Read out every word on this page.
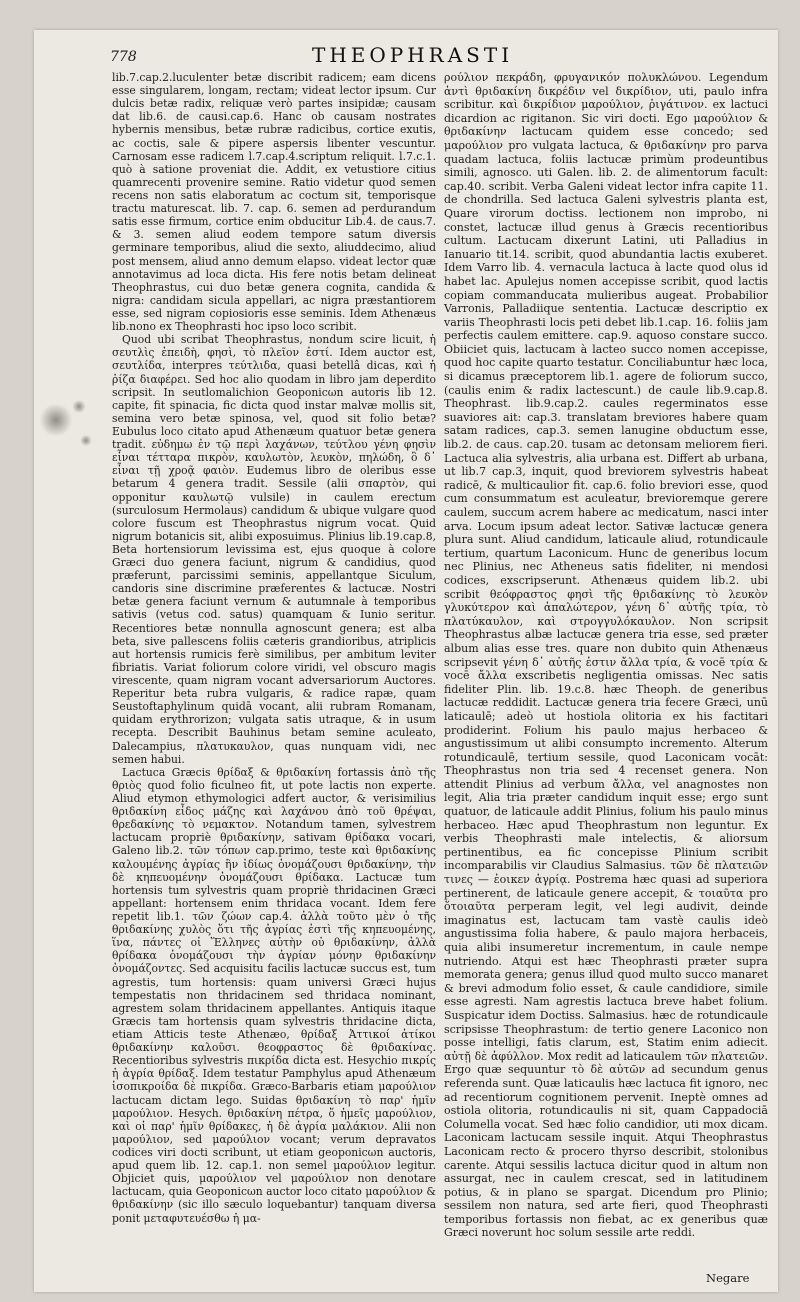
778	THEOPHRASTI

lib.7.cap.2.luculenter betæ discribit radicem; eam dicens esse singularem, longam, rectam; videat lector ipsum. Cur dulcis betæ radix, reliquæ verò partes insipidæ; causam dat lib.6. de causi.cap.6. Hanc ob causam nostrates hybernis mensibus, betæ rubræ radicibus, cortice exutis, ac coctis, sale & pipere aspersis libenter vescuntur. Carnosam esse radicem l.7.cap.4.scriptum reliquit. l.7.c.1. quò à satione proveniat die. Addit, ex vetustiore citius quamrecenti provenire semine. Ratio videtur quod semen recens non satis elaboratum ac coctum sit, temporisque tractu maturescat. lib. 7. cap. 6. semen ad perdurandum satis esse firmum, cortice enim obducitur Lib.4. de caus.7. & 3. semen aliud eodem tempore satum diversis germinare temporibus, aliud die sexto, aliuddecimo, aliud post mensem, aliud anno demum elapso. videat lector quæ annotavimus ad loca dicta. His fere notis betam delineat Theophrastus, cui duo betæ genera cognita, candida & nigra: candidam sicula appellari, ac nigra præstantiorem esse, sed nigram copiosioris esse seminis. Idem Athenæus lib.nono ex Theophrasti hoc ipso loco scribit.

Quod ubi scribat Theophrastus, nondum scire licuit, ἡ σευτλὶς ἐπειδὴ, φησὶ, τὸ πλεῖον ἐστί. Idem auctor est, σευτλίδα, interpres τεύτλιδα, quasi betellâ dicas, καὶ ἡ ῥίζα διαφέρει. Sed hoc alio quodam in libro jam deperdito scripsit. In seutlomalichion Geoponicωn autoris lib 12. capite, fit spinacia, fic dicta quod instar malvæ mollis sit, semina vero betæ spinosa, vel, quod sit folio betæ? Eubulus loco citato apud Athenæum quatuor betæ genera tradit. εὐδημω ἐν τῷ περὶ λαχάνων, τεύτλου γένη φησὶν εἶναι τέτταρα πικρὸν, καυλωτὸν, λευκὸν, πηλώδη, ὃ δ᾽ εἶναι τῇ χροᾷ φαιὸν. Eudemus libro de oleribus esse betarum 4 genera tradit. Sessile (alii σπαρτὸν, qui opponitur καυλωτῷ vulsile) in caulem erectum (surculosum Hermolaus) candidum & ubique vulgare quod colore fuscum est Theophrastus nigrum vocat. Quid nigrum botanicis sit, alibi exposuimus. Plinius lib.19.cap.8, Beta hortensiorum levissima est, ejus quoque à colore Græci duo genera faciunt, nigrum & candidius, quod præferunt, parcissimi seminis, appellantque Siculum, candoris sine discrimine præferentes & lactucæ. Nostri betæ genera faciunt vernum & autumnale à temporibus sativis (vetus cod. satus) quamquam & Iunio seritur. Recentiores betæ nonnulla agnoscunt genera; est alba beta, sive pallescens foliis cæteris grandioribus, atriplicis aut hortensis rumicis ferè similibus, per ambitum leviter fibriatis. Variat foliorum colore viridi, vel obscuro magis virescente, quam nigram vocant adversariorum Auctores. Reperitur beta rubra vulgaris, & radice rapæ, quam Seustoftaphylinum quidā vocant, alii rubram Romanam, quidam erythrorizon; vulgata satis utraque, & in usum recepta. Describit Bauhinus betam semine aculeato, Dalecampius, πλατυκαυλον, quas nunquam vidi, nec semen habui.

Lactuca Græcis θρίδαξ & θριδακίνη fortassis ἀπὸ τῆς θριὸς quod folio ficulneo fit, ut pote lactis non experte. Aliud etymon ethymologici adfert auctor, & verisimilius θριδακίνη εἶδος μάζης καὶ λαχάνου ἀπὸ τοῦ θρέψαι, θρεδακίνης τὸ νεμακτον. Notandum tamen, sylvestrem lactucam propriè θριδακίνην, sativam θρίδακα vocari, Galeno lib.2. τῶν τόπων cap.primo, teste καὶ θριδακίνης καλουμένης ἀγρίας ἣν ἰδίως ὀνομάζουσι θριδακίνην, τὴν δὲ κηπευομένην ὀνομάζουσι θρίδακα. Lactucæ tum hortensis tum sylvestris quam propriè thridacinen Græci appellant: hortensem enim thridaca vocant. Idem fere repetit lib.1. τῶν ζώων cap.4. ἀλλὰ τοῦτο μὲν ὁ τῆς θριδακίνης χυλὸς ὅτι τῆς ἀγρίας ἐστὶ τῆς κηπευομένης, ἵνα, πάντες οἱ Ἕλληνες αὐτὴν οὐ θριδακίνην, ἀλλὰ θρίδακα ὀνομάζουσι τὴν ἀγρίαν μόνην θριδακίνην ὀνομάζοντες. Sed acquisitu facilis lactucæ succus est, tum agrestis, tum hortensis: quam universi Græci hujus tempestatis non thridacinem sed thridaca nominant, agrestem solam thridacinem appellantes. Antiquis itaque Græcis tam hortensis quam sylvestris thridacine dicta, etiam Atticis teste Athenæo, θρίδαξ Ἀττικοί ἀτίκοι θριδακίνην καλοῦσι. θεοφραστος δὲ θριδακίνας. Recentioribus sylvestris πικρίδα dicta est. Hesychio πικρίς ἡ ἀγρία θρίδαξ. Idem testatur Pamphylus apud Athenæum ἰσοπικροίδα δὲ πικρίδα. Græco-Barbaris etiam μαρούλιον lactucam dictam lego. Suidas θριδακίνη τὸ παρ' ἡμῖν μαρούλιον. Hesych. θριδακίνη πέτρα, ὅ ἡμεῖς μαρούλιον, καὶ οἱ παρ' ἡμῖν θρίδακες, ἡ δὲ ἀγρία μαλάκιον. Alii non μαρούλιον, sed μαρούλιον vocant; verum depravatos codices viri docti scribunt, ut etiam geoponicωn auctoris, apud quem lib. 12. cap.1. non semel μαρούλιον legitur. Objiciet quis, μαρούλιον vel μαρούλιον non denotare lactucam, quia Geoponicωn auctor loco citato μαρούλιον & θριδακίνην (sic illo sæculo loquebantur) tanquam diversa ponit μεταφυτευέσθω ἡ μα-

ρούλιον πεκράδη, φρυγανικόν πολυκλώνου. Legendum ἀντὶ θριδακίνη δικρέδιν vel δικρίδιον, uti, paulo infra scribitur. καὶ δικρίδιον μαρούλιον, ῥιγάτινον. ex lactuci dicardion ac rigitanon. Sic viri docti. Ego μαρούλιον & θριδακίνην lactucam quidem esse concedo; sed μαρούλιον pro vulgata lactuca, & θριδακίνην pro parva quadam lactuca, foliis lactucæ primùm prodeuntibus simili, agnosco. uti Galen. lib. 2. de alimentorum facult: cap.40. scribit. Verba Galeni videat lector infra capite 11. de chondrilla. Sed lactuca Galeni sylvestris planta est, Quare virorum doctiss. lectionem non improbo, ni constet, lactucæ illud genus à Græcis recentioribus cultum. Lactucam dixerunt Latini, uti Palladius in Ianuario tit.14. scribit, quod abundantia lactis exuberet. Idem Varro lib. 4. vernacula lactuca à lacte quod olus id habet lac. Apulejus nomen accepisse scribit, quod lactis copiam commanducata mulieribus augeat. Probabilior Varronis, Palladiique sententia. Lactucæ descriptio ex variis Theophrasti locis peti debet lib.1.cap. 16. foliis jam perfectis caulem emittere. cap.9. aquoso constare succo. Obiiciet quis, lactucam à lacteo succo nomen accepisse, quod hoc capite quarto testatur. Conciliabuntur hæc loca, si dicamus præceptorem lib.1. agere de foliorum succo, (caulis enim & radix lactescunt.) de caule lib.9.cap.8. Theophrast. lib.9.cap.2. caules regerminatos esse suaviores ait: cap.3. translatam breviores habere quam satam radices, cap.3. semen lanugine obductum esse, lib.2. de caus. cap.20. tusam ac detonsam meliorem fieri. Lactuca alia sylvestris, alia urbana est. Differt ab urbana, ut lib.7 cap.3, inquit, quod breviorem sylvestris habeat radicē, & multicaulior fit. cap.6. folio breviori esse, quod cum consummatum est aculeatur, brevioremque gerere caulem, succum acrem habere ac medicatum, nasci inter arva. Locum ipsum adeat lector. Sativæ lactucæ genera plura sunt. Aliud candidum, laticaule aliud, rotundicaule tertium, quartum Laconicum. Hunc de generibus locum nec Plinius, nec Atheneus satis fideliter, ni mendosi codices, exscripserunt. Athenæus quidem lib.2. ubi scribit θεόφραστος φησὶ τῆς θριδακίνης τὸ λευκὸν γλυκύτερον καὶ ἁπαλώτερον, γένη δ᾽ αὐτῆς τρία, τὸ πλατύκαυλον, καὶ στρογγυλόκαυλον. Non scripsit Theophrastus albæ lactucæ genera tria esse, sed præter album alias esse tres. quare non dubito quin Athenæus scripsevit γένη δ᾽ αὐτῆς ἐστιν ἄλλα τρία, & vocē τρία & vocē ἄλλα exscribetis negligentia omissas. Nec satis fideliter Plin. lib. 19.c.8. hæc Theoph. de generibus lactucæ reddidit. Lactucæ genera tria fecere Græci, unū laticaulē; adeò ut hostiola olitoria ex his factitari prodiderint. Folium his paulo majus herbaceo & angustissimum ut alibi consumpto incremento. Alterum rotundicaulē, tertium sessile, quod Laconicam vocāt: Theophrastus non tria sed 4 recenset genera. Non attendit Plinius ad verbum ἄλλα, vel anagnostes non legit, Alia tria præter candidum inquit esse; ergo sunt quatuor, de laticaule addit Plinius, folium his paulo minus herbaceo. Hæc apud Theophrastum non leguntur. Ex verbis Theophrasti male intelectis, & aliorsum pertinentibus, ea fic concepisse Plinium scribit incomparabilis vir Claudius Salmasius. τῶν δὲ πλατειῶν τινες — ἐοικεν ἀγρίᾳ. Postrema hæc quasi ad superiora pertinerent, de laticaule genere accepit, & τοιαῦτα pro ὅτοιαῦτα perperam legit, vel legi audivit, deinde imaginatus est, lactucam tam vastè caulis ideò angustissima folia habere, & paulo majora herbaceis, quia alibi insumeretur incrementum, in caule nempe nutriendo. Atqui est hæc Theophrasti præter supra memorata genera; genus illud quod multo succo manaret & brevi admodum folio esset, & caule candidiore, simile esse agresti. Nam agrestis lactuca breve habet folium. Suspicatur idem Doctiss. Salmasius. hæc de rotundicaule scripsisse Theophrastum: de tertio genere Laconico non posse intelligi, fatis clarum, est, Statim enim adiecit. αὐτῇ δὲ ἀφύλλον. Mox redit ad laticaulem τῶν πλατειῶν. Ergo quæ sequuntur τὸ δὲ αὐτῶν ad secundum genus referenda sunt. Quæ laticaulis hæc lactuca fit ignoro, nec ad recentiorum cognitionem pervenit. Ineptè omnes ad ostiola olitoria, rotundicaulis ni sit, quam Cappadociā Columella vocat. Sed hæc folio candidior, uti mox dicam. Laconicam lactucam sessile inquit. Atqui Theophrastus Laconicam recto & procero thyrso describit, stolonibus carente. Atqui sessilis lactuca dicitur quod in altum non assurgat, nec in caulem crescat, sed in latitudinem potius, & in plano se spargat. Dicendum pro Plinio; sessilem non natura, sed arte fieri, quod Theophrasti temporibus fortassis non fiebat, ac ex generibus quæ Græci noverunt hoc solum sessile arte reddi.

Negare
